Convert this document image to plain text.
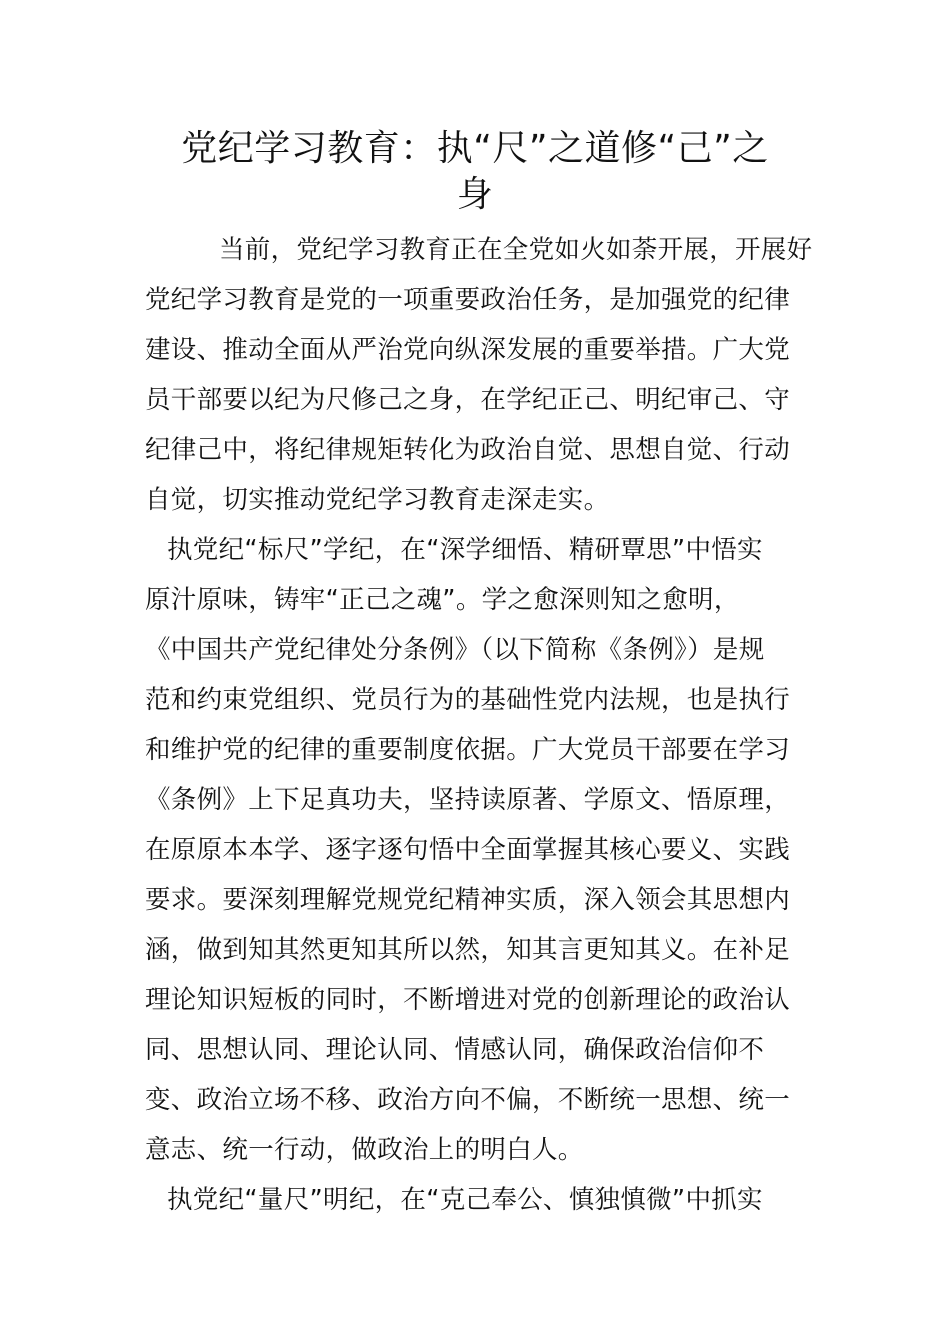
党纪学习教育：执“尺”之道修“己”之
身
当前，党纪学习教育正在全党如火如荼开展，开展好
党纪学习教育是党的一项重要政治任务，是加强党的纪律
建设、推动全面从严治党向纵深发展的重要举措。广大党
员干部要以纪为尺修己之身，在学纪正己、明纪审己、守
纪律己中，将纪律规矩转化为政治自觉、思想自觉、行动
自觉，切实推动党纪学习教育走深走实。
执党纪“标尺”学纪，在“深学细悟、精研覃思”中悟实
原汁原味，铸牢“正己之魂”。学之愈深则知之愈明，
《中国共产党纪律处分条例》（以下简称《条例》）是规
范和约束党组织、党员行为的基础性党内法规，也是执行
和维护党的纪律的重要制度依据。广大党员干部要在学习
《条例》上下足真功夫，坚持读原著、学原文、悟原理，
在原原本本学、逐字逐句悟中全面掌握其核心要义、实践
要求。要深刻理解党规党纪精神实质，深入领会其思想内
涵，做到知其然更知其所以然，知其言更知其义。在补足
理论知识短板的同时，不断增进对党的创新理论的政治认
同、思想认同、理论认同、情感认同，确保政治信仰不
变、政治立场不移、政治方向不偏，不断统一思想、统一
意志、统一行动，做政治上的明白人。
执党纪“量尺”明纪，在“克己奉公、慎独慎微”中抓实
